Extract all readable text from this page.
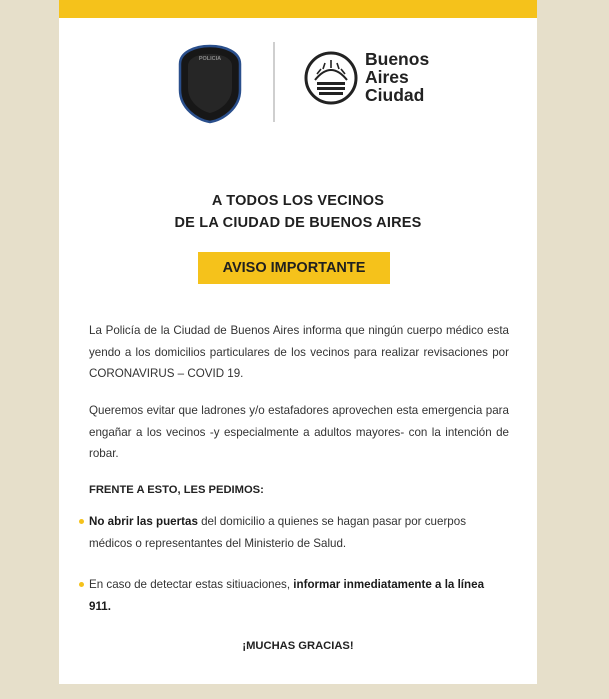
POLICIA	Buenos
Aires
Ciudad
A TODOS LOS VECINOS
DE LA CIUDAD DE BUENOS AIRES
AVISO IMPORTANTE
La Policía de la Ciudad de Buenos Aires informa que ningún cuerpo médico esta yendo a los domicilios particulares de los vecinos para realizar revisaciones por CORONAVIRUS – COVID 19.
Queremos evitar que ladrones y/o estafadores aprovechen esta emergencia para engañar a los vecinos -y especialmente a adultos mayores- con la intención de robar.
FRENTE A ESTO, LES PEDIMOS:
No abrir las puertas del domicilio a quienes se hagan pasar por cuerpos médicos o representantes del Ministerio de Salud.
En caso de detectar estas sitiuaciones, informar inmediatamente a la línea 911.
¡MUCHAS GRACIAS!
